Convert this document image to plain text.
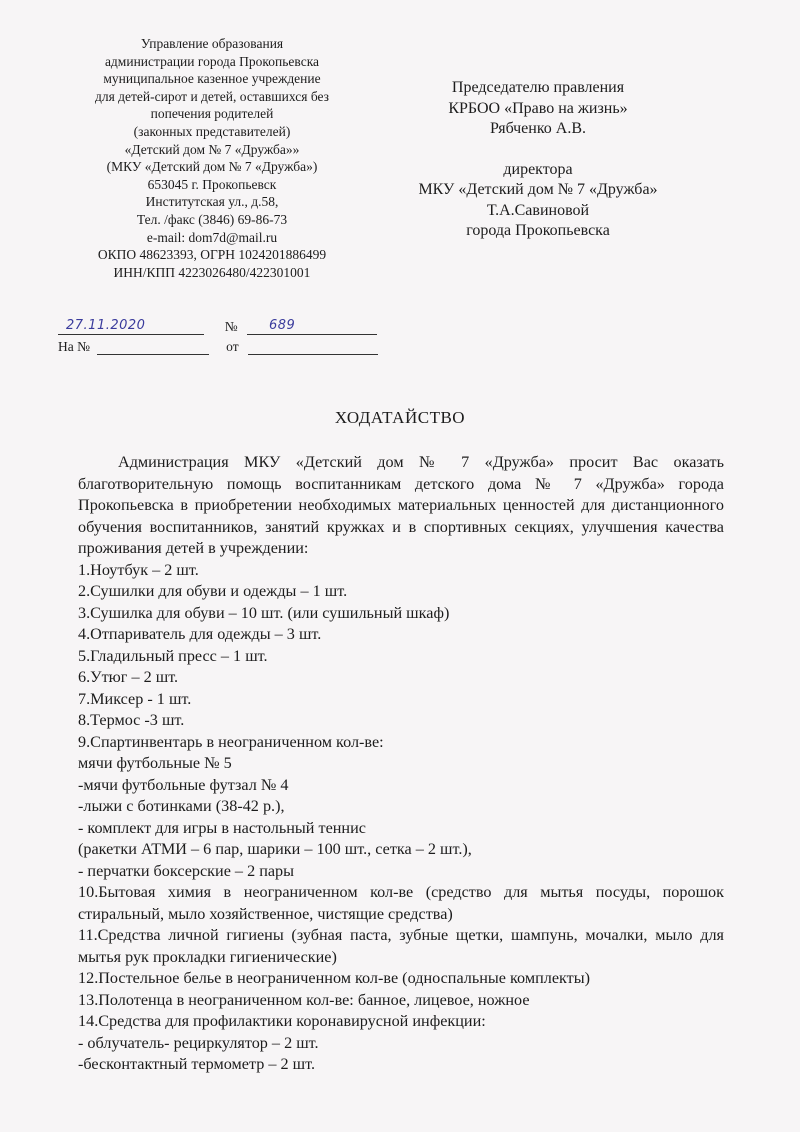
Управление образования
администрации города Прокопьевска
муниципальное казенное учреждение
для детей-сирот и детей, оставшихся без
попечения родителей
(законных представителей)
«Детский дом № 7 «Дружба»»
(МКУ «Детский дом № 7 «Дружба»)
653045 г. Прокопьевск
Институтская ул., д.58,
Тел. /факс (3846) 69-86-73
e-mail: dom7d@mail.ru
ОКПО 48623393, ОГРН 1024201886499
ИНН/КПП 4223026480/422301001
Председателю правления
КРБОО «Право на жизнь»
Рябченко А.В.
директора
МКУ «Детский дом № 7 «Дружба»
Т.А.Савиновой
города Прокопьевска
27.11.2020	№ 689
На №	от
ХОДАТАЙСТВО

Администрация МКУ «Детский дом № 7 «Дружба» просит Вас оказать благотворительную помощь воспитанникам детского дома № 7 «Дружба» города Прокопьевска в приобретении необходимых материальных ценностей для дистанционного обучения воспитанников, занятий кружках и в спортивных секциях, улучшения качества проживания детей в учреждении:

1.Ноутбук – 2 шт.
2.Сушилки для обуви и одежды – 1 шт.
3.Сушилка для обуви – 10 шт. (или сушильный шкаф)
4.Отпариватель для одежды – 3 шт.
5.Гладильный пресс – 1 шт.
6.Утюг – 2 шт.
7.Миксер - 1 шт.
8.Термос -3 шт.
9.Спартинвентарь в неограниченном кол-ве:
мячи футбольные № 5
-мячи футбольные футзал № 4
-лыжи с ботинками (38-42 р.),
- комплект для игры в настольный теннис
(ракетки АТМИ – 6 пар, шарики – 100 шт., сетка – 2 шт.),
- перчатки боксерские – 2 пары
10.Бытовая химия в неограниченном кол-ве (средство для мытья посуды, порошок стиральный, мыло хозяйственное, чистящие средства)
11.Средства личной гигиены (зубная паста, зубные щетки, шампунь, мочалки, мыло для мытья рук прокладки гигиенические)
12.Постельное белье в неограниченном кол-ве (односпальные комплекты)
13.Полотенца в неограниченном кол-ве: банное, лицевое, ножное
14.Средства для профилактики коронавирусной инфекции:
- облучатель- рециркулятор – 2 шт.
-бесконтактный термометр – 2 шт.
